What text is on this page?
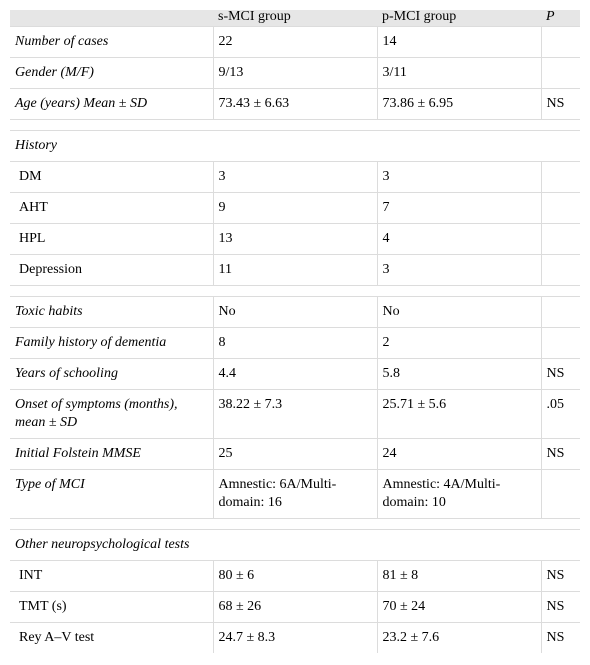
	s-MCI group	p-MCI group	P
Number of cases	22	14	
Gender (M/F)	9/13	3/11	
Age (years) Mean ± SD	73.43 ± 6.63	73.86 ± 6.95	NS

History			
DM	3	3	
AHT	9	7	
HPL	13	4	
Depression	11	3	

Toxic habits	No	No	
Family history of dementia	8	2	
Years of schooling	4.4	5.8	NS
Onset of symptoms (months), mean ± SD	38.22 ± 7.3	25.71 ± 5.6	.05
Initial Folstein MMSE	25	24	NS
Type of MCI	Amnestic: 6A/Multi-domain: 16	Amnestic: 4A/Multi-domain: 10	

Other neuropsychological tests			
INT	80 ± 6	81 ± 8	NS
TMT (s)	68 ± 26	70 ± 24	NS
Rey A–V test	24.7 ± 8.3	23.2 ± 7.6	NS
